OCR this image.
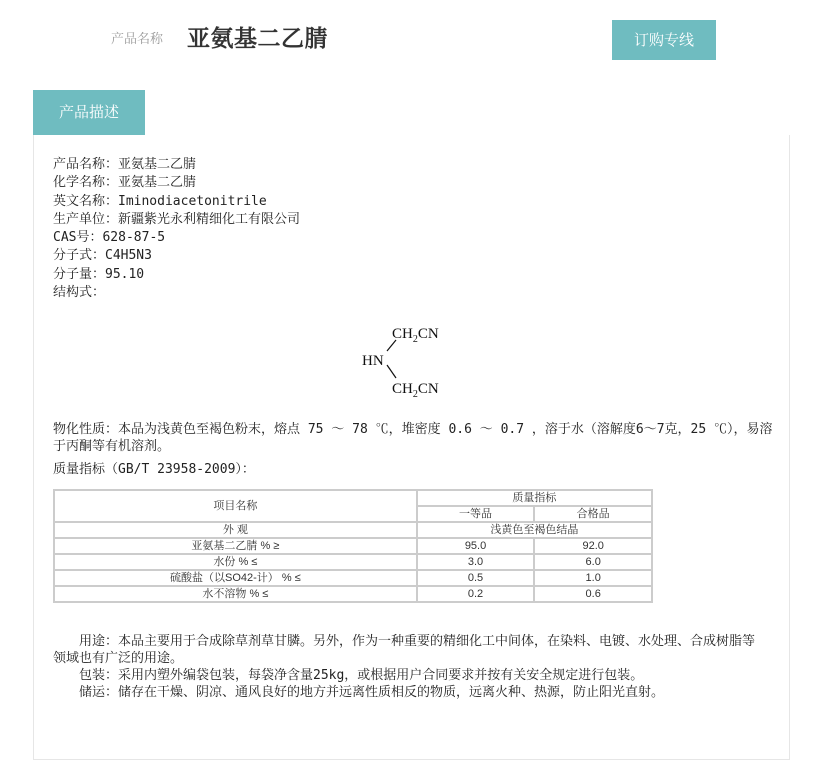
产品名称 亚氨基二乙腈	订购专线
产品描述
产品名称：亚氨基二乙腈
化学名称：亚氨基二乙腈
英文名称：Iminodiacetonitrile
生产单位：新疆紫光永利精细化工有限公司
CAS号：628-87-5
分子式：C4H5N3
分子量：95.10
结构式：
$CH_2CN$
HN
$CH_2CN$
物化性质：本品为浅黄色至褐色粉末，熔点 75 ～ 78 ℃，堆密度 0.6 ～ 0.7 ，溶于水（溶解度6～7克，25 ℃），易溶于丙酮等有机溶剂。
质量指标（GB/T 23958-2009）：
项目名称	质量指标	
	一等品	合格品
外 观	浅黄色至褐色结晶	
亚氨基二乙腈 % ≥	95.0	92.0
水份 % ≤	3.0	6.0
硫酸盐（以SO42-计） % ≤	0.5	1.0
水不溶物 % ≤	0.2	0.6

用途：本品主要用于合成除草剂草甘膦。另外，作为一种重要的精细化工中间体，在染料、电镀、水处理、合成树脂等领域也有广泛的用途。

包装：采用内塑外编袋包装，每袋净含量25kg，或根据用户合同要求并按有关安全规定进行包装。

储运：储存在干燥、阴凉、通风良好的地方并远离性质相反的物质，远离火种、热源，防止阳光直射。
